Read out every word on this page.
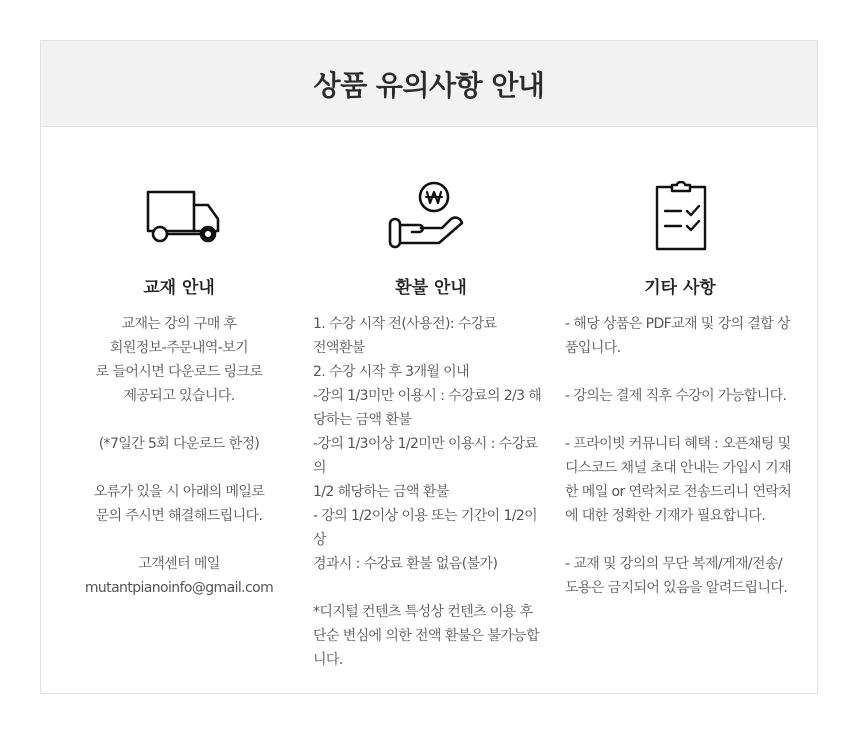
상품 유의사항 안내
교재 안내
교재는 강의 구매 후
회원정보-주문내역-보기
로 들어시면 다운로드 링크로
제공되고 있습니다.
(*7일간 5회 다운로드 한정)
오류가 있을 시 아래의 메일로
문의 주시면 해결해드립니다.
고객센터 메일
mutantpianoinfo@gmail.com
환불 안내
1. 수강 시작 전(사용전): 수강료
전액환불
2. 수강 시작 후 3개월 이내
-강의 1/3미만 이용시 : 수강료의 2/3 해
당하는 금액 환불
-강의 1/3이상 1/2미만 이용시 : 수강료의
1/2 해당하는 금액 환불
- 강의 1/2이상 이용 또는 기간이 1/2이상
경과시 : 수강료 환불 없음(불가)
*디지털 컨텐츠 특성상 컨텐츠 이용 후
단순 변심에 의한 전액 환불은 불가능합
니다.
기타 사항
- 해당 상품은 PDF교재 및 강의 결합 상
품입니다.
- 강의는 결제 직후 수강이 가능합니다.
- 프라이빗 커뮤니티 혜택 : 오픈채팅 및
디스코드 채널 초대 안내는 가입시 기재
한 메일 or 연락처로 전송드리니 연락처
에 대한 정확한 기재가 필요합니다.
- 교재 및 강의의 무단 복제/게재/전송/
도용은 금지되어 있음을 알려드립니다.
